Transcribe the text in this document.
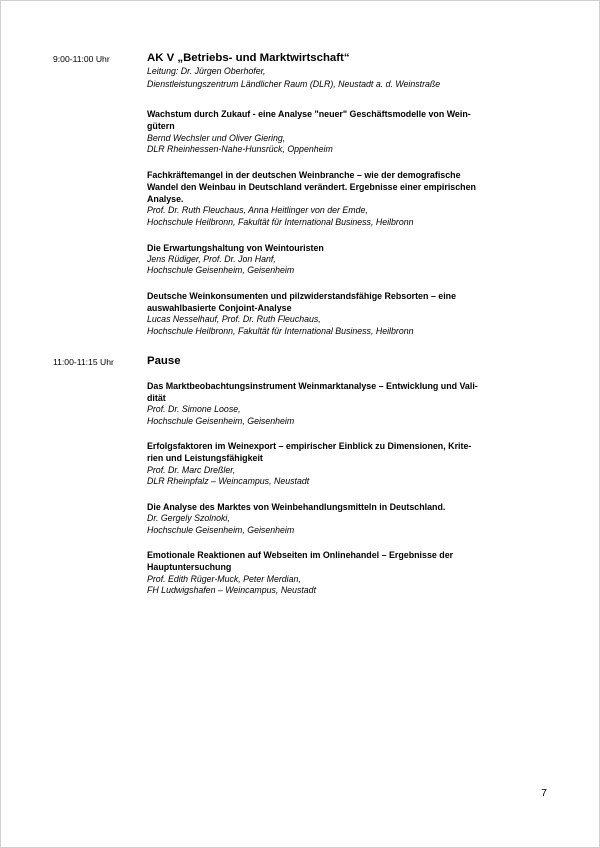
9:00-11:00 Uhr	AK V „Betriebs- und Marktwirtschaft“
Leitung: Dr. Jürgen Oberhofer,
Dienstleistungszentrum Ländlicher Raum (DLR), Neustadt a. d. Weinstraße
Wachstum durch Zukauf - eine Analyse "neuer" Geschäftsmodelle von Wein-
gütern
Bernd Wechsler und Oliver Giering,
DLR Rheinhessen-Nahe-Hunsrück, Oppenheim
Fachkräftemangel in der deutschen Weinbranche – wie der demografische
Wandel den Weinbau in Deutschland verändert. Ergebnisse einer empirischen
Analyse.
Prof. Dr. Ruth Fleuchaus, Anna Heitlinger von der Emde,
Hochschule Heilbronn, Fakultät für International Business, Heilbronn
Die Erwartungshaltung von Weintouristen
Jens Rüdiger, Prof. Dr. Jon Hanf,
Hochschule Geisenheim, Geisenheim
Deutsche Weinkonsumenten und pilzwiderstandsfähige Rebsorten – eine
auswahlbasierte Conjoint-Analyse
Lucas Nesselhauf, Prof. Dr. Ruth Fleuchaus,
Hochschule Heilbronn, Fakultät für International Business, Heilbronn
11:00-11:15 Uhr	Pause
Das Marktbeobachtungsinstrument Weinmarktanalyse – Entwicklung und Vali-
dität
Prof. Dr. Simone Loose,
Hochschule Geisenheim, Geisenheim
Erfolgsfaktoren im Weinexport – empirischer Einblick zu Dimensionen, Krite-
rien und Leistungsfähigkeit
Prof. Dr. Marc Dreßler,
DLR Rheinpfalz – Weincampus, Neustadt
Die Analyse des Marktes von Weinbehandlungsmitteln in Deutschland.
Dr. Gergely Szolnoki,
Hochschule Geisenheim, Geisenheim
Emotionale Reaktionen auf Webseiten im Onlinehandel – Ergebnisse der
Hauptuntersuchung
Prof. Edith Rüger-Muck, Peter Merdian,
FH Ludwigshafen – Weincampus, Neustadt
7
